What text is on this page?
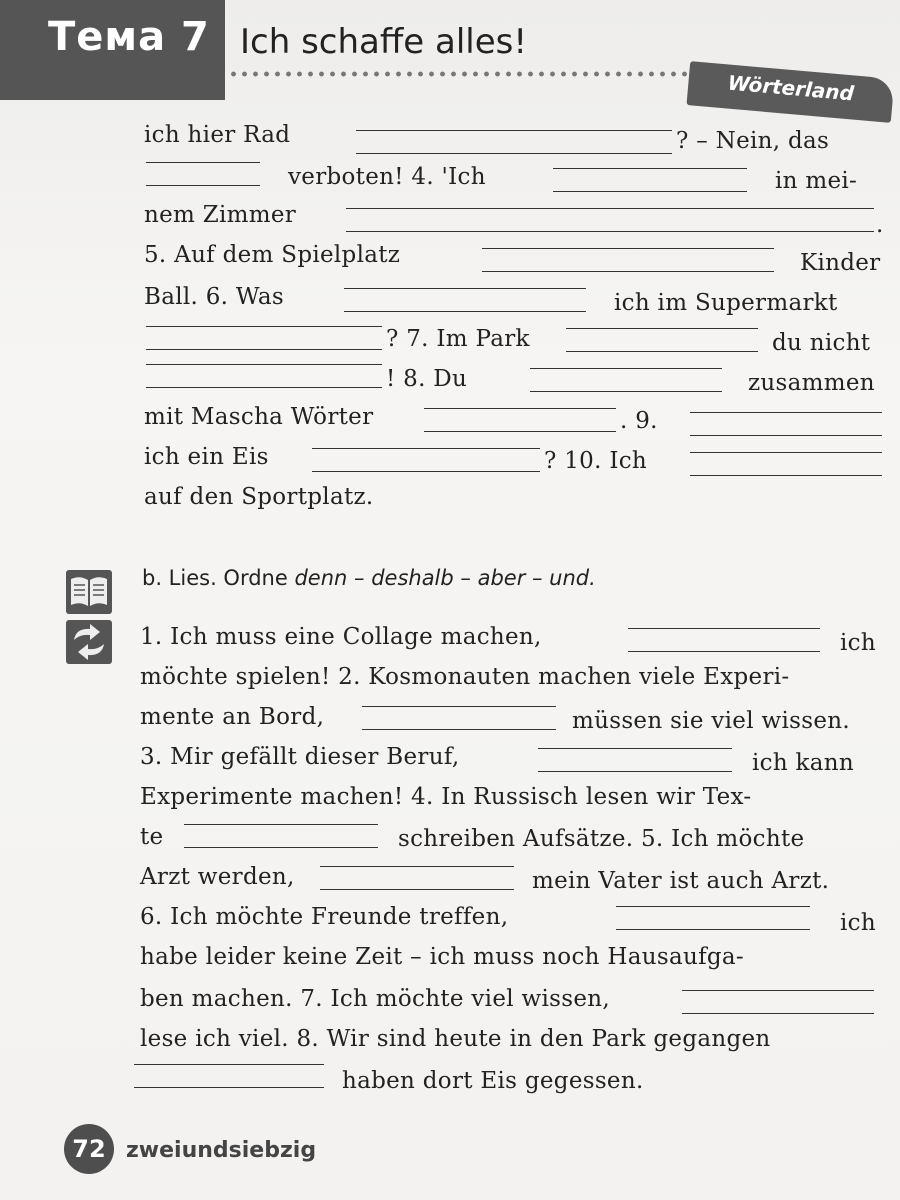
Тема 7 Ich schaffe alles!
Wörterland
ich hier Rad	? – Nein, das
verboten! 4. 'Ich	in mei-
nem Zimmer	.
5. Auf dem Spielplatz	Kinder
Ball. 6. Was	ich im Supermarkt
? 7. Im Park	du nicht
! 8. Du	zusammen
mit Mascha Wörter	. 9.
ich ein Eis	? 10. Ich
auf den Sportplatz.
b. Lies. Ordne denn – deshalb – aber – und.
1. Ich muss eine Collage machen,	ich
möchte spielen! 2. Kosmonauten machen viele Experi-
mente an Bord,	müssen sie viel wissen.
3. Mir gefällt dieser Beruf,	ich kann
Experimente machen! 4. In Russisch lesen wir Tex-
te	schreiben Aufsätze. 5. Ich möchte
Arzt werden,	mein Vater ist auch Arzt.
6. Ich möchte Freunde treffen,	ich
habe leider keine Zeit – ich muss noch Hausaufga-
ben machen. 7. Ich möchte viel wissen,
lese ich viel. 8. Wir sind heute in den Park gegangen
haben dort Eis gegessen.
72 zweiundsiebzig
